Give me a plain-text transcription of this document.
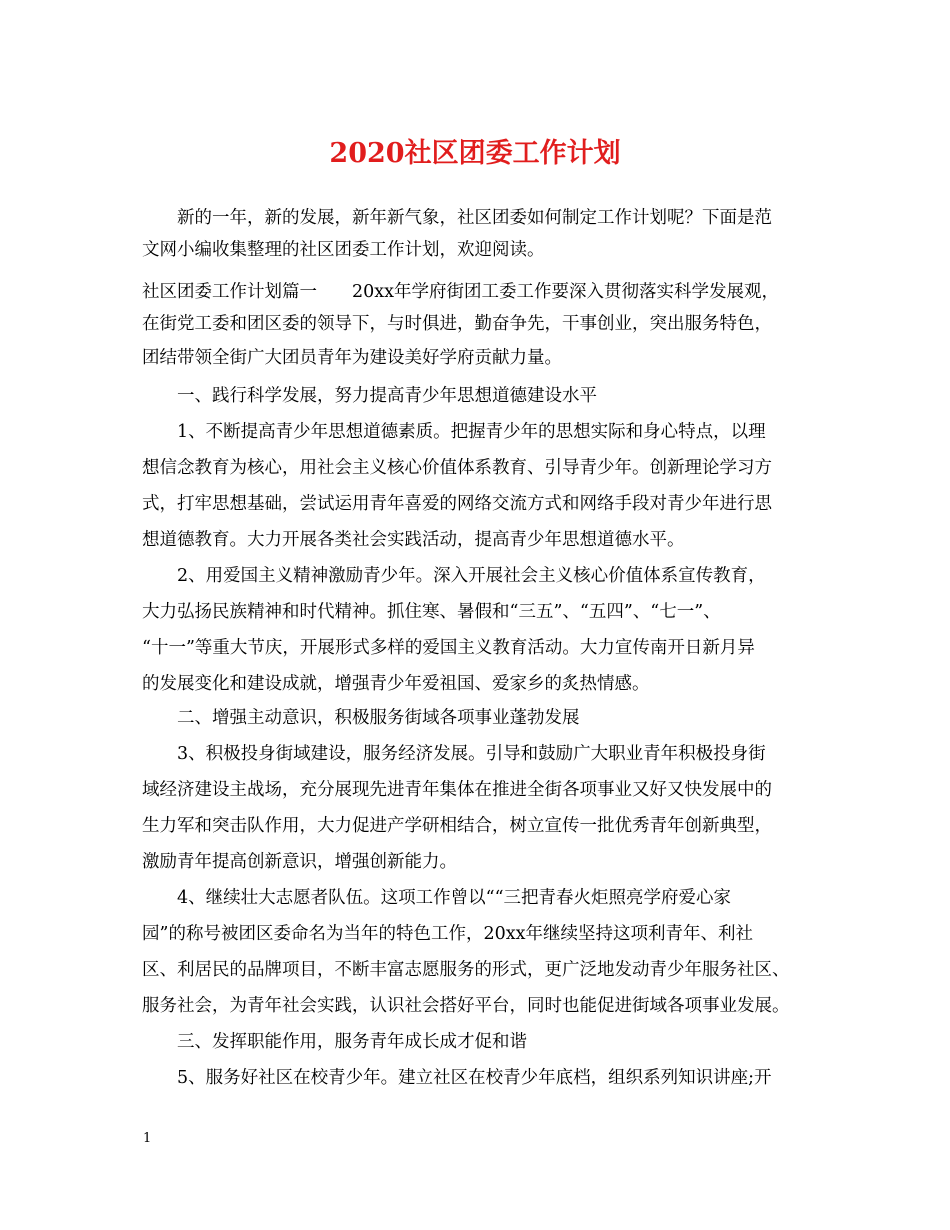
2020社区团委工作计划
　　新的一年，新的发展，新年新气象，社区团委如何制定工作计划呢？下面是范
文网小编收集整理的社区团委工作计划，欢迎阅读。
社区团委工作计划篇一　　20xx年学府街团工委工作要深入贯彻落实科学发展观，
在街党工委和团区委的领导下，与时俱进，勤奋争先，干事创业，突出服务特色，
团结带领全街广大团员青年为建设美好学府贡献力量。
　　一、践行科学发展，努力提高青少年思想道德建设水平
　　1、不断提高青少年思想道德素质。把握青少年的思想实际和身心特点，以理
想信念教育为核心，用社会主义核心价值体系教育、引导青少年。创新理论学习方
式，打牢思想基础，尝试运用青年喜爱的网络交流方式和网络手段对青少年进行思
想道德教育。大力开展各类社会实践活动，提高青少年思想道德水平。
　　2、用爱国主义精神激励青少年。深入开展社会主义核心价值体系宣传教育，
大力弘扬民族精神和时代精神。抓住寒、暑假和“三五”、“五四”、“七一”、
“十一”等重大节庆，开展形式多样的爱国主义教育活动。大力宣传南开日新月异
的发展变化和建设成就，增强青少年爱祖国、爱家乡的炙热情感。
　　二、增强主动意识，积极服务街域各项事业蓬勃发展
　　3、积极投身街域建设，服务经济发展。引导和鼓励广大职业青年积极投身街
域经济建设主战场，充分展现先进青年集体在推进全街各项事业又好又快发展中的
生力军和突击队作用，大力促进产学研相结合，树立宣传一批优秀青年创新典型，
激励青年提高创新意识，增强创新能力。
　　4、继续壮大志愿者队伍。这项工作曾以““三把青春火炬照亮学府爱心家
园”的称号被团区委命名为当年的特色工作，20xx年继续坚持这项利青年、利社
区、利居民的品牌项目，不断丰富志愿服务的形式，更广泛地发动青少年服务社区、
服务社会，为青年社会实践，认识社会搭好平台，同时也能促进街域各项事业发展。
　　三、发挥职能作用，服务青年成长成才促和谐
　　5、服务好社区在校青少年。建立社区在校青少年底档，组织系列知识讲座;开
1
